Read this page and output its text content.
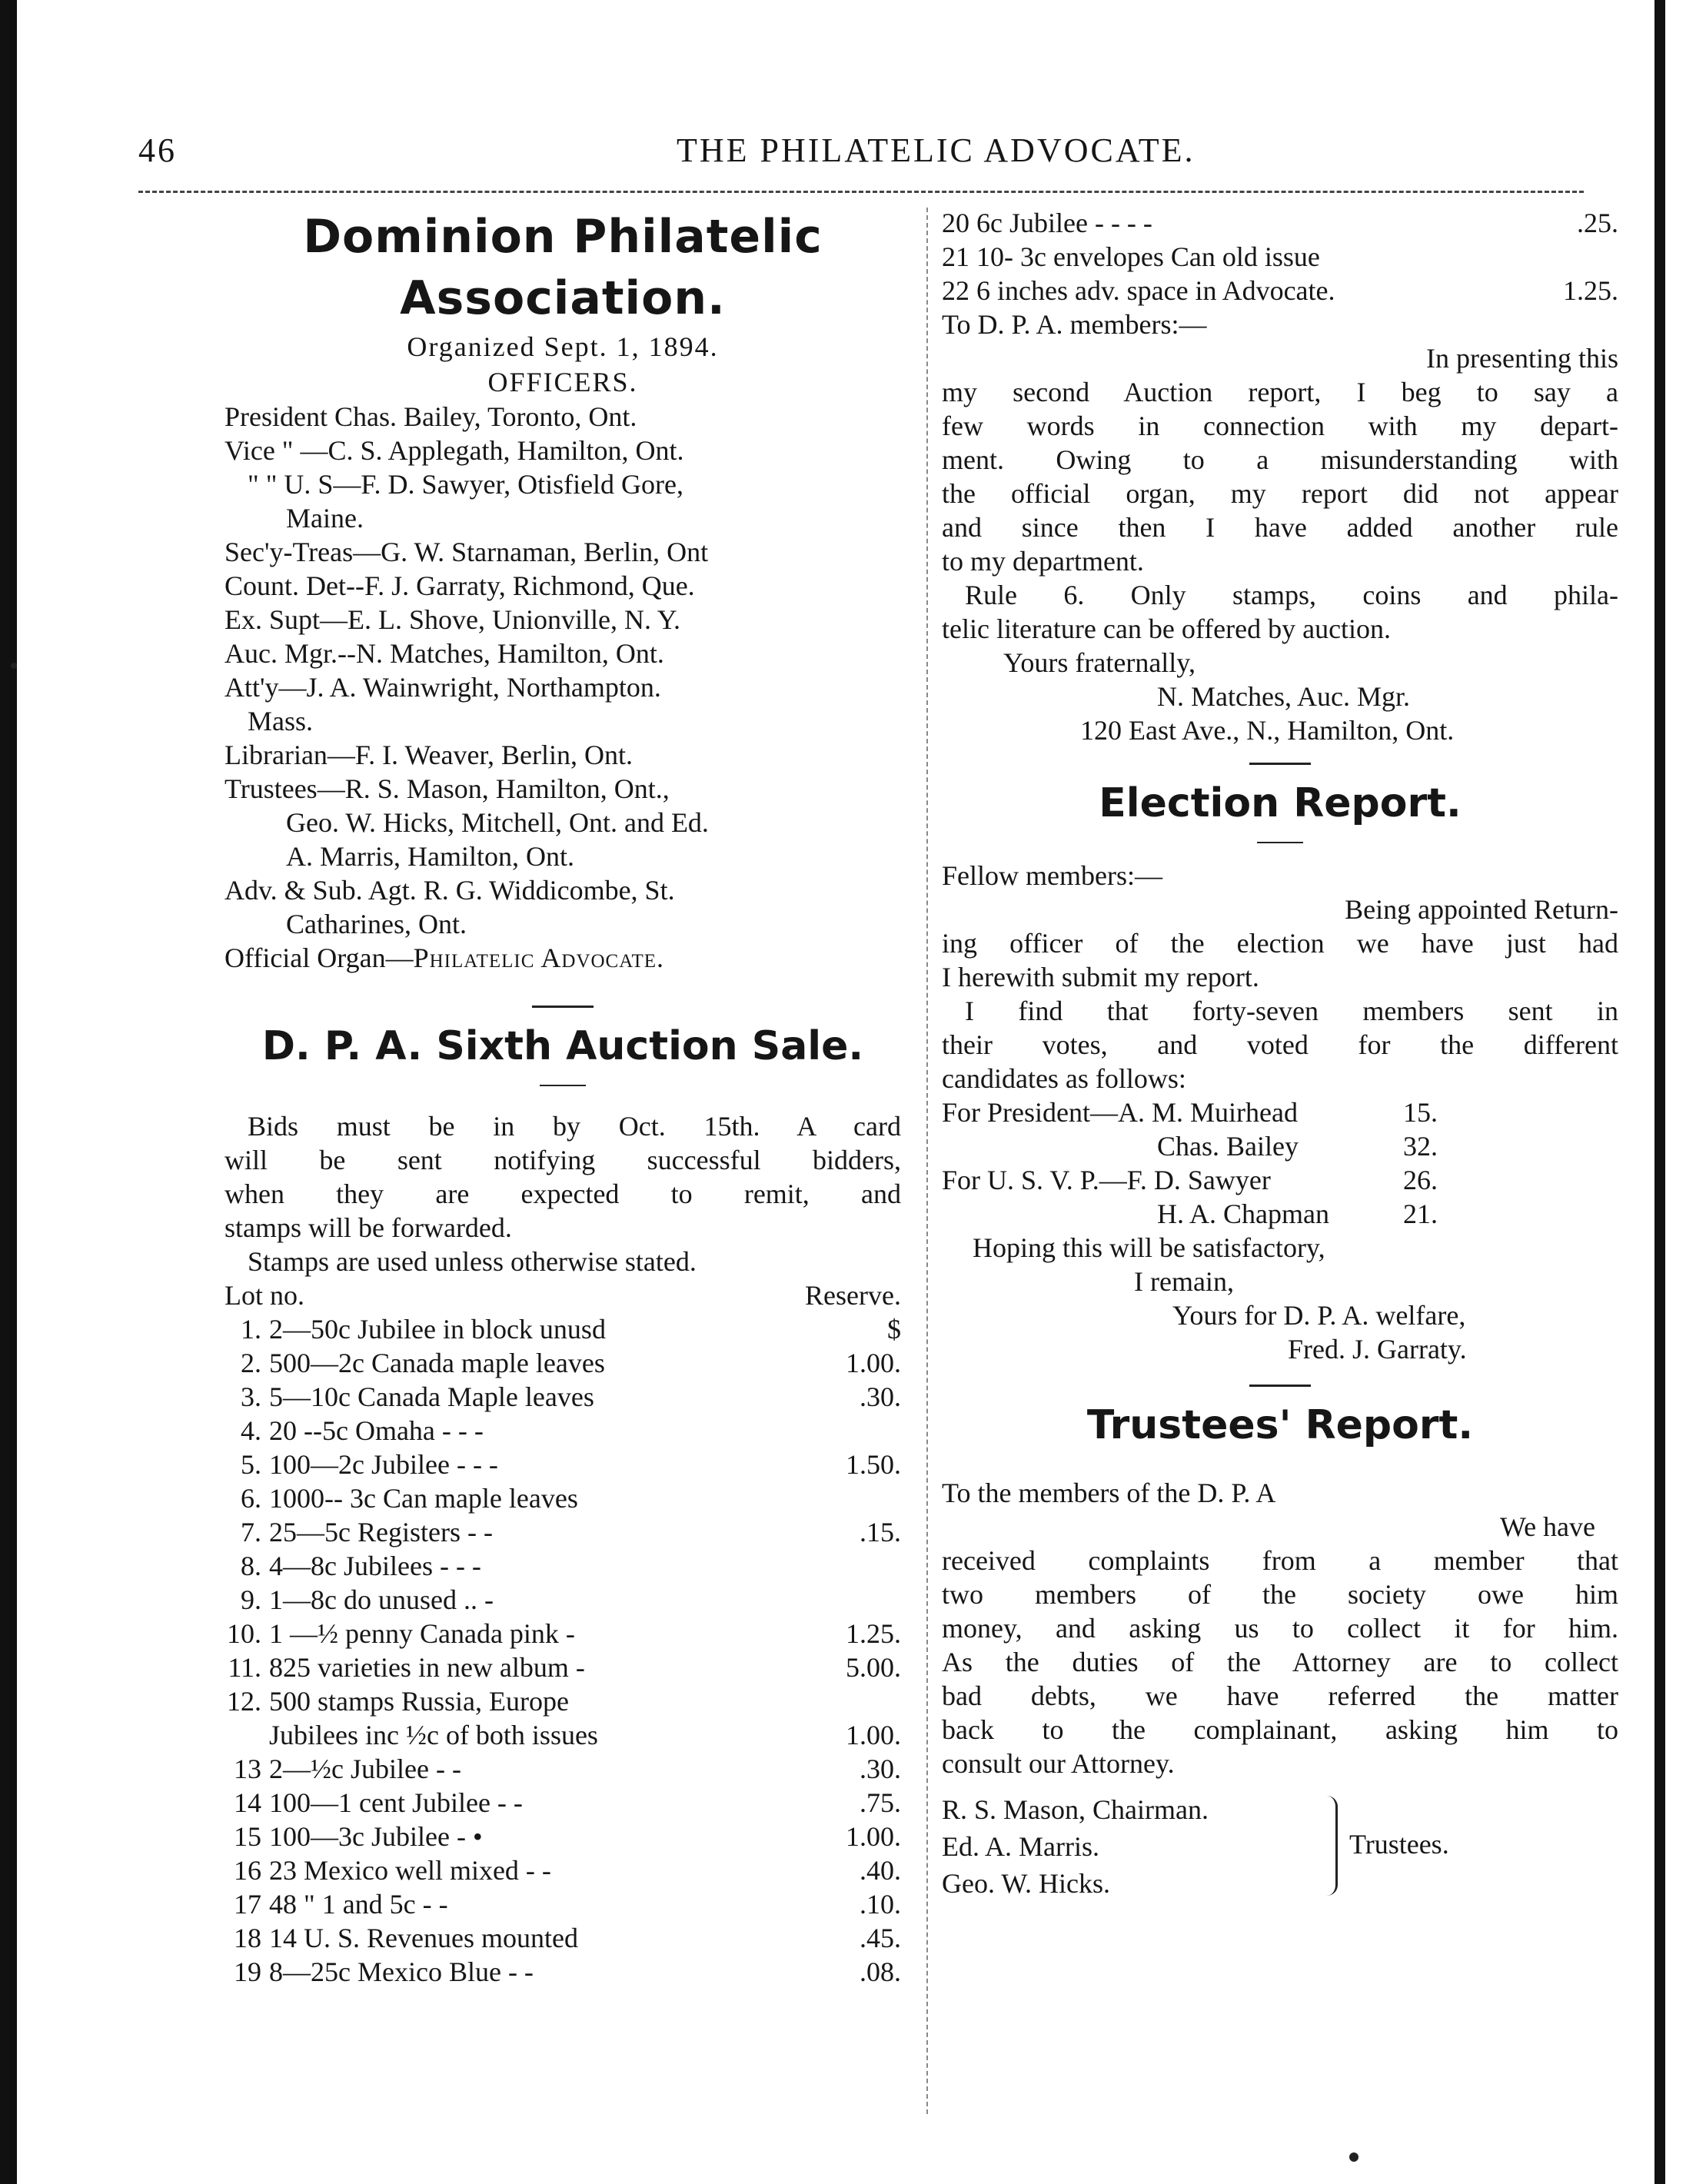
46	THE PHILATELIC ADVOCATE.
Dominion Philatelic
Association.
Organized Sept. 1, 1894.
OFFICERS.
President Chas. Bailey, Toronto, Ont.
Vice " —C. S. Applegath, Hamilton, Ont.
" " U. S—F. D. Sawyer, Otisfield Gore,
Maine.
Sec'y-Treas—G. W. Starnaman, Berlin, Ont
Count. Det--F. J. Garraty, Richmond, Que.
Ex. Supt—E. L. Shove, Unionville, N. Y.
Auc. Mgr.--N. Matches, Hamilton, Ont.
Att'y—J. A. Wainwright, Northampton.
Mass.
Librarian—F. I. Weaver, Berlin, Ont.
Trustees—R. S. Mason, Hamilton, Ont.,
Geo. W. Hicks, Mitchell, Ont. and Ed.
A. Marris, Hamilton, Ont.
Adv. & Sub. Agt. R. G. Widdicombe, St.
Catharines, Ont.
Official Organ—Philatelic Advocate.
D. P. A. Sixth Auction Sale.
Bids must be in by Oct. 15th. A card
will be sent notifying successful bidders,
when they are expected to remit, and
stamps will be forwarded.
Stamps are used unless otherwise stated.
Lot no.		Reserve.
1.	2—50c Jubilee in block unusd	$
2.	500—2c Canada maple leaves	1.00.
3.	5—10c Canada Maple leaves	.30.
4.	20 --5c Omaha - - -	
5.	100—2c Jubilee - - -	1.50.
6.	1000-- 3c Can maple leaves	
7.	25—5c Registers - -	.15.
8.	4—8c Jubilees - - -	
9.	1—8c do unused .. -	
10.	1 —½ penny Canada pink -	1.25.
11.	825 varieties in new album -	5.00.
12.	500 stamps Russia, Europe	
	Jubilees inc ½c of both issues	1.00.
13	2—½c Jubilee - -	.30.
14	100—1 cent Jubilee - -	.75.
15	100—3c Jubilee - •	1.00.
16	23 Mexico well mixed - -	.40.
17	48 " 1 and 5c - -	.10.
18	14 U. S. Revenues mounted	.45.
19	8—25c Mexico Blue - -	.08.
20 6c Jubilee - - - -	.25.
21 10- 3c envelopes Can old issue	
22 6 inches adv. space in Advocate.	1.25.
To D. P. A. members:—
In presenting this
my second Auction report, I beg to say a
few words in connection with my depart-
ment. Owing to a misunderstanding with
the official organ, my report did not appear
and since then I have added another rule
to my department.
Rule 6. Only stamps, coins and phila-
telic literature can be offered by auction.
Yours fraternally,
N. Matches, Auc. Mgr.
120 East Ave., N., Hamilton, Ont.
Election Report.
Fellow members:—
Being appointed Return-
ing officer of the election we have just had
I herewith submit my report.
I find that forty-seven members sent in
their votes, and voted for the different
candidates as follows:
For President—A. M. Muirhead	15.
Chas. Bailey	32.
For U. S. V. P.—F. D. Sawyer	26.
H. A. Chapman	21.
Hoping this will be satisfactory,
I remain,
Yours for D. P. A. welfare,
Fred. J. Garraty.
Trustees' Report.
To the members of the D. P. A
We have
received complaints from a member that
two members of the society owe him
money, and asking us to collect it for him.
As the duties of the Attorney are to collect
bad debts, we have referred the matter
back to the complainant, asking him to
consult our Attorney.
R. S. Mason, Chairman.
Ed. A. Marris.
Geo. W. Hicks.
Trustees.
